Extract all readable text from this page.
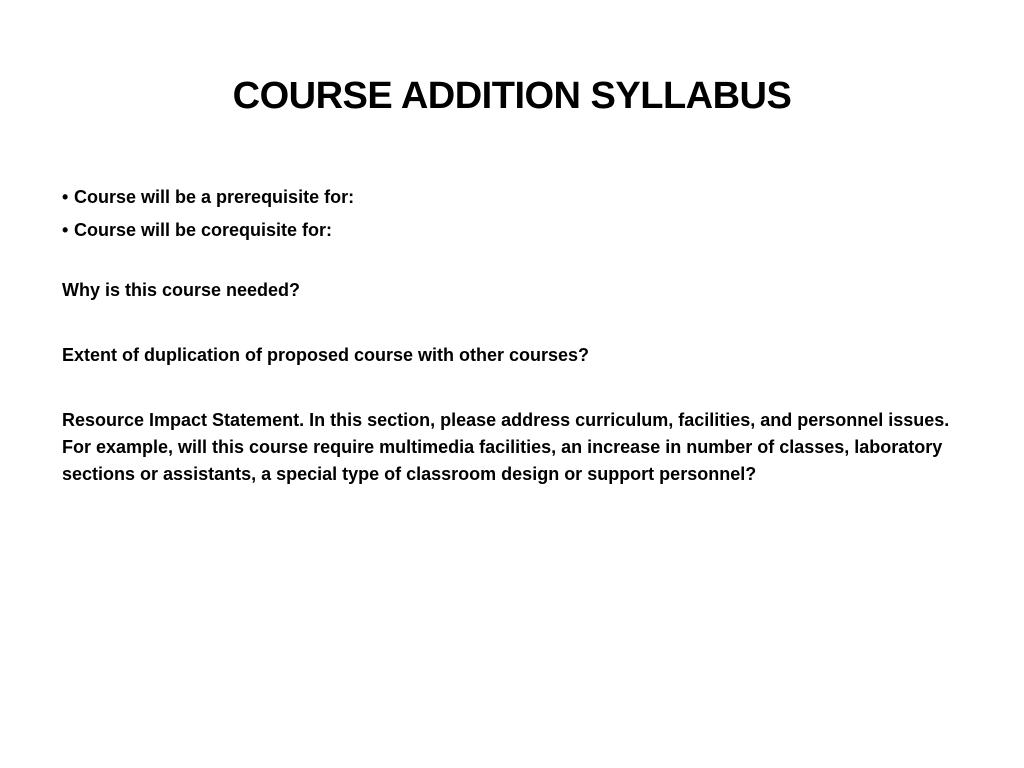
COURSE ADDITION SYLLABUS
• Course will be a prerequisite for:
• Course will be corequisite for:

Why is this course needed?

Extent of duplication of proposed course with other courses?

Resource Impact Statement. In this section, please address curriculum, facilities, and personnel issues. For example, will this course require multimedia facilities, an increase in number of classes, laboratory sections or assistants, a special type of classroom design or support personnel?
